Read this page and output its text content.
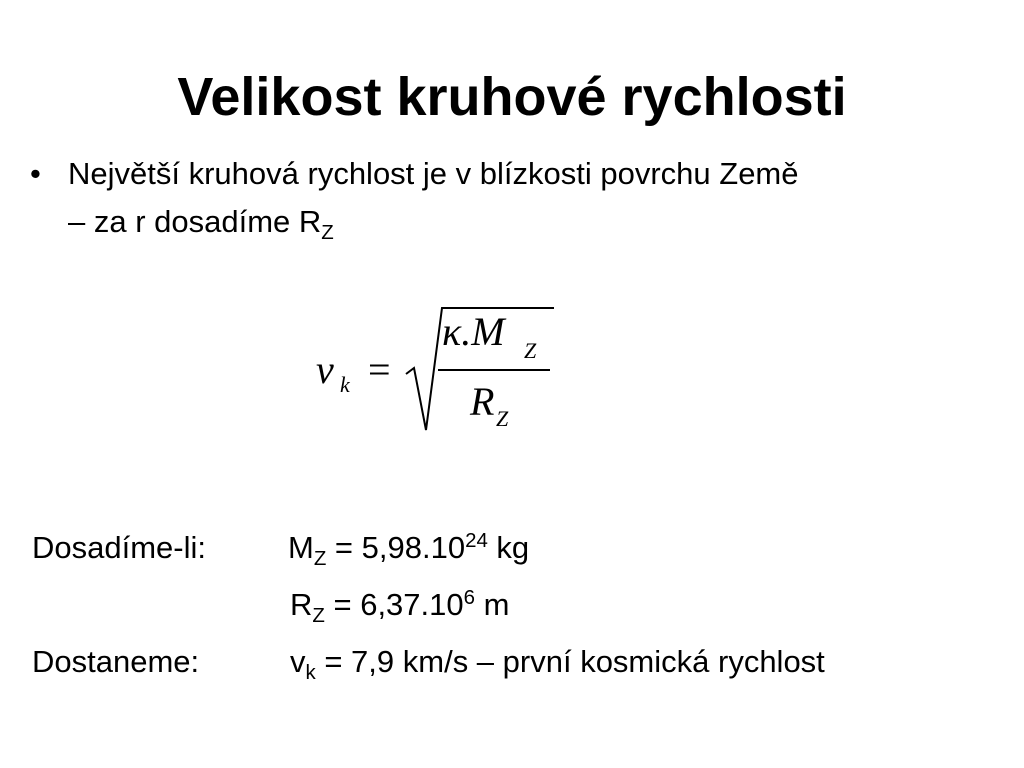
Velikost kruhové rychlosti
• Největší kruhová rychlost je v blízkosti povrchu Země
– za r dosadíme $R_Z$
v k =
κ.M Z
R Z
Dosadíme-li:	$M_Z = 5,98.10^{24}$ kg
$R_Z = 6,37.10^6$ m
Dostaneme:	$v_k = 7,9$ km/s – první kosmická rychlost
